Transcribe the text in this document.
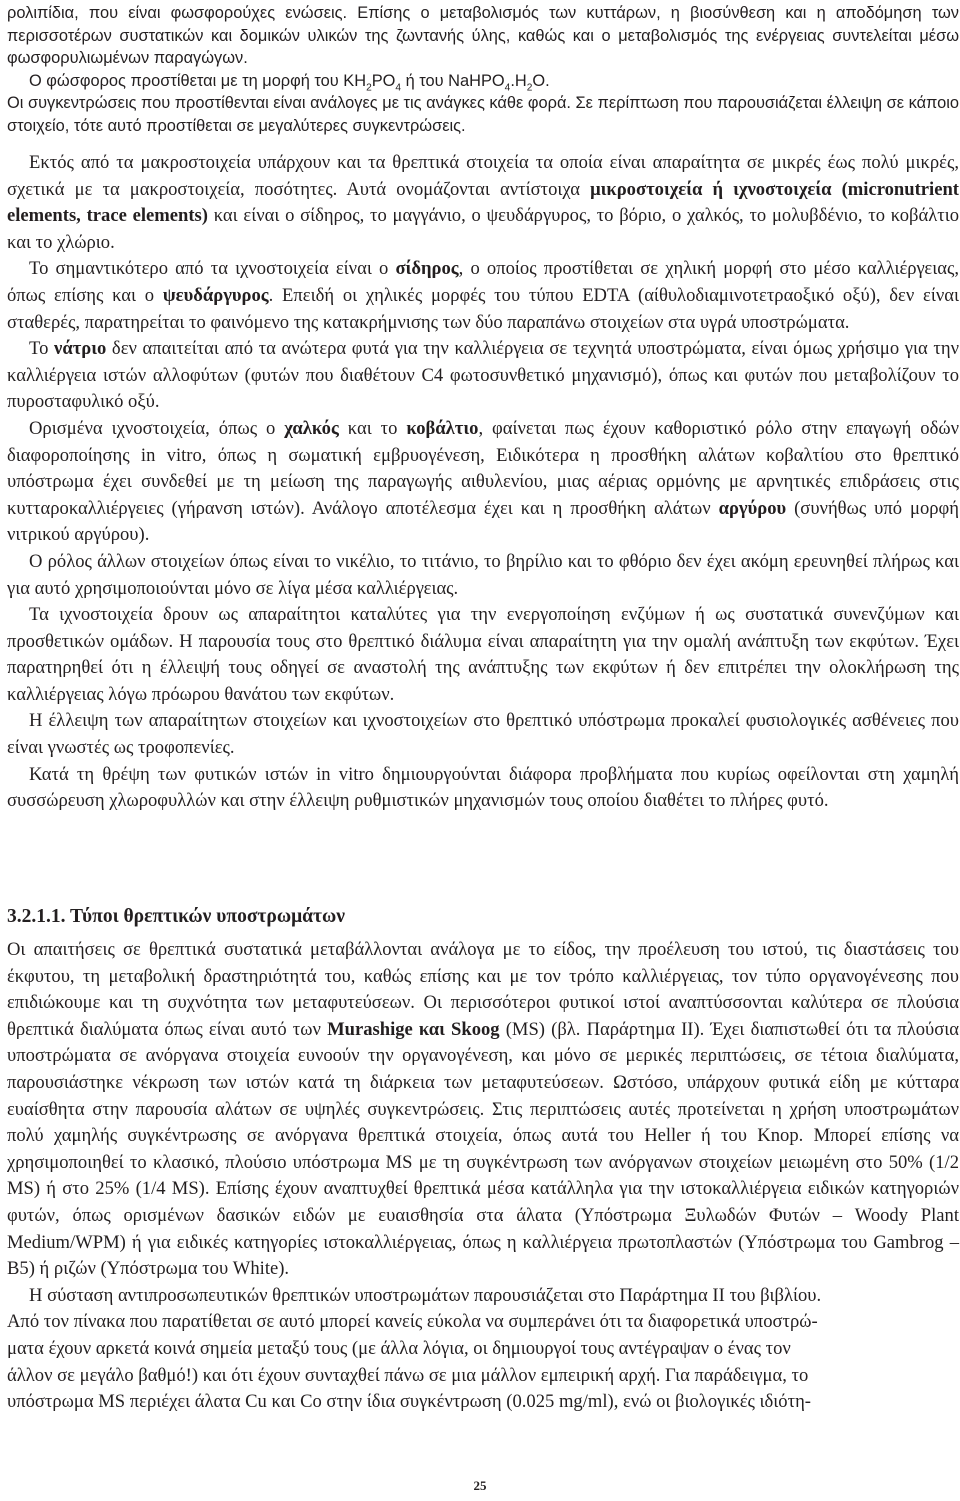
ρολιπίδια, που είναι φωσφορούχες ενώσεις. Επίσης ο μεταβολισμός των κυττάρων, η βιοσύνθεση και η αποδόμηση των περισσοτέρων συστατικών και δομικών υλικών της ζωντανής ύλης, καθώς και ο μεταβολισμός της ενέργειας συντελείται μέσω φωσφορυλιωμένων παραγώγων.

Ο φώσφορος προστίθεται με τη μορφή του $KH_2PO_4$ ή του $NaHPO_4.H_2O$.

Οι συγκεντρώσεις που προστίθενται είναι ανάλογες με τις ανάγκες κάθε φορά. Σε περίπτωση που παρουσιάζεται έλλειψη σε κάποιο στοιχείο, τότε αυτό προστίθεται σε μεγαλύτερες συγκεντρώσεις.

Εκτός από τα μακροστοιχεία υπάρχουν και τα θρεπτικά στοιχεία τα οποία είναι απαραίτητα σε μικρές έως πολύ μικρές, σχετικά με τα μακροστοιχεία, ποσότητες. Αυτά ονομάζονται αντίστοιχα μικροστοιχεία ή ιχνοστοιχεία (micronutrient elements, trace elements) και είναι ο σίδηρος, το μαγγάνιο, ο ψευδάργυρος, το βόριο, ο χαλκός, το μολυβδένιο, το κοβάλτιο και το χλώριο.

Το σημαντικότερο από τα ιχνοστοιχεία είναι ο σίδηρος, ο οποίος προστίθεται σε χηλική μορφή στο μέσο καλλιέργειας, όπως επίσης και ο ψευδάργυρος. Επειδή οι χηλικές μορφές του τύπου EDTA (αίθυλοδιαμινοτετραοξικό οξύ), δεν είναι σταθερές, παρατηρείται το φαινόμενο της κατακρήμνισης των δύο παραπάνω στοιχείων στα υγρά υποστρώματα.

Το νάτριο δεν απαιτείται από τα ανώτερα φυτά για την καλλιέργεια σε τεχνητά υποστρώματα, είναι όμως χρήσιμο για την καλλιέργεια ιστών αλλοφύτων (φυτών που διαθέτουν C4 φωτοσυνθετικό μηχανισμό), όπως και φυτών που μεταβολίζουν το πυροσταφυλικό οξύ.

Ορισμένα ιχνοστοιχεία, όπως ο χαλκός και το κοβάλτιο, φαίνεται πως έχουν καθοριστικό ρόλο στην επαγωγή οδών διαφοροποίησης in vitro, όπως η σωματική εμβρυογένεση, Ειδικότερα η προσθήκη αλάτων κοβαλτίου στο θρεπτικό υπόστρωμα έχει συνδεθεί με τη μείωση της παραγωγής αιθυλενίου, μιας αέριας ορμόνης με αρνητικές επιδράσεις στις κυτταροκαλλιέργειες (γήρανση ιστών). Ανάλογο αποτέλεσμα έχει και η προσθήκη αλάτων αργύρου (συνήθως υπό μορφή νιτρικού αργύρου).

Ο ρόλος άλλων στοιχείων όπως είναι το νικέλιο, το τιτάνιο, το βηρίλιο και το φθόριο δεν έχει ακόμη ερευνηθεί πλήρως και για αυτό χρησιμοποιούνται μόνο σε λίγα μέσα καλλιέργειας.

Τα ιχνοστοιχεία δρουν ως απαραίτητοι καταλύτες για την ενεργοποίηση ενζύμων ή ως συστατικά συνενζύμων και προσθετικών ομάδων. Η παρουσία τους στο θρεπτικό διάλυμα είναι απαραίτητη για την ομαλή ανάπτυξη των εκφύτων. Έχει παρατηρηθεί ότι η έλλειψή τους οδηγεί σε αναστολή της ανάπτυξης των εκφύτων ή δεν επιτρέπει την ολοκλήρωση της καλλιέργειας λόγω πρόωρου θανάτου των εκφύτων.

Η έλλειψη των απαραίτητων στοιχείων και ιχνοστοιχείων στο θρεπτικό υπόστρωμα προκαλεί φυσιολογικές ασθένειες που είναι γνωστές ως τροφοπενίες.

Κατά τη θρέψη των φυτικών ιστών in vitro δημιουργούνται διάφορα προβλήματα που κυρίως οφείλονται στη χαμηλή συσσώρευση χλωροφυλλών και στην έλλειψη ρυθμιστικών μηχανισμών τους οποίου διαθέτει το πλήρες φυτό.

3.2.1.1. Τύποι θρεπτικών υποστρωμάτων

Οι απαιτήσεις σε θρεπτικά συστατικά μεταβάλλονται ανάλογα με το είδος, την προέλευση του ιστού, τις διαστάσεις του έκφυτου, τη μεταβολική δραστηριότητά του, καθώς επίσης και με τον τρόπο καλλιέργειας, τον τύπο οργανογένεσης που επιδιώκουμε και τη συχνότητα των μεταφυτεύσεων. Οι περισσότεροι φυτικοί ιστοί αναπτύσσονται καλύτερα σε πλούσια θρεπτικά διαλύματα όπως είναι αυτό των Murashige και Skoog (MS) (βλ. Παράρτημα ΙΙ). Έχει διαπιστωθεί ότι τα πλούσια υποστρώματα σε ανόργανα στοιχεία ευνοούν την οργανογένεση, και μόνο σε μερικές περιπτώσεις, σε τέτοια διαλύματα, παρουσιάστηκε νέκρωση των ιστών κατά τη διάρκεια των μεταφυτεύσεων. Ωστόσο, υπάρχουν φυτικά είδη με κύτταρα ευαίσθητα στην παρουσία αλάτων σε υψηλές συγκεντρώσεις. Στις περιπτώσεις αυτές προτείνεται η χρήση υποστρωμάτων πολύ χαμηλής συγκέντρωσης σε ανόργανα θρεπτικά στοιχεία, όπως αυτά του Heller ή του Knop. Μπορεί επίσης να χρησιμοποιηθεί το κλασικό, πλούσιο υπόστρωμα MS με τη συγκέντρωση των ανόργανων στοιχείων μειωμένη στο 50% (1/2 MS) ή στο 25% (1/4 MS). Επίσης έχουν αναπτυχθεί θρεπτικά μέσα κατάλληλα για την ιστοκαλλιέργεια ειδικών κατηγοριών φυτών, όπως ορισμένων δασικών ειδών με ευαισθησία στα άλατα (Υπόστρωμα Ξυλωδών Φυτών – Woody Plant Medium/WPM) ή για ειδικές κατηγορίες ιστοκαλλιέργειας, όπως η καλλιέργεια πρωτοπλαστών (Υπόστρωμα του Gambrog – B5) ή ριζών (Υπόστρωμα του White).

Η σύσταση αντιπροσωπευτικών θρεπτικών υποστρωμάτων παρουσιάζεται στο Παράρτημα ΙΙ του βιβλίου.

Από τον πίνακα που παρατίθεται σε αυτό μπορεί κανείς εύκολα να συμπεράνει ότι τα διαφορετικά υποστρώ-

ματα έχουν αρκετά κοινά σημεία μεταξύ τους (με άλλα λόγια, οι δημιουργοί τους αντέγραψαν ο ένας τον

άλλον σε μεγάλο βαθμό!) και ότι έχουν συνταχθεί πάνω σε μια μάλλον εμπειρική αρχή. Για παράδειγμα, το

υπόστρωμα MS περιέχει άλατα Cu και Co στην ίδια συγκέντρωση (0.025 mg/ml), ενώ οι βιολογικές ιδιότη-

25
